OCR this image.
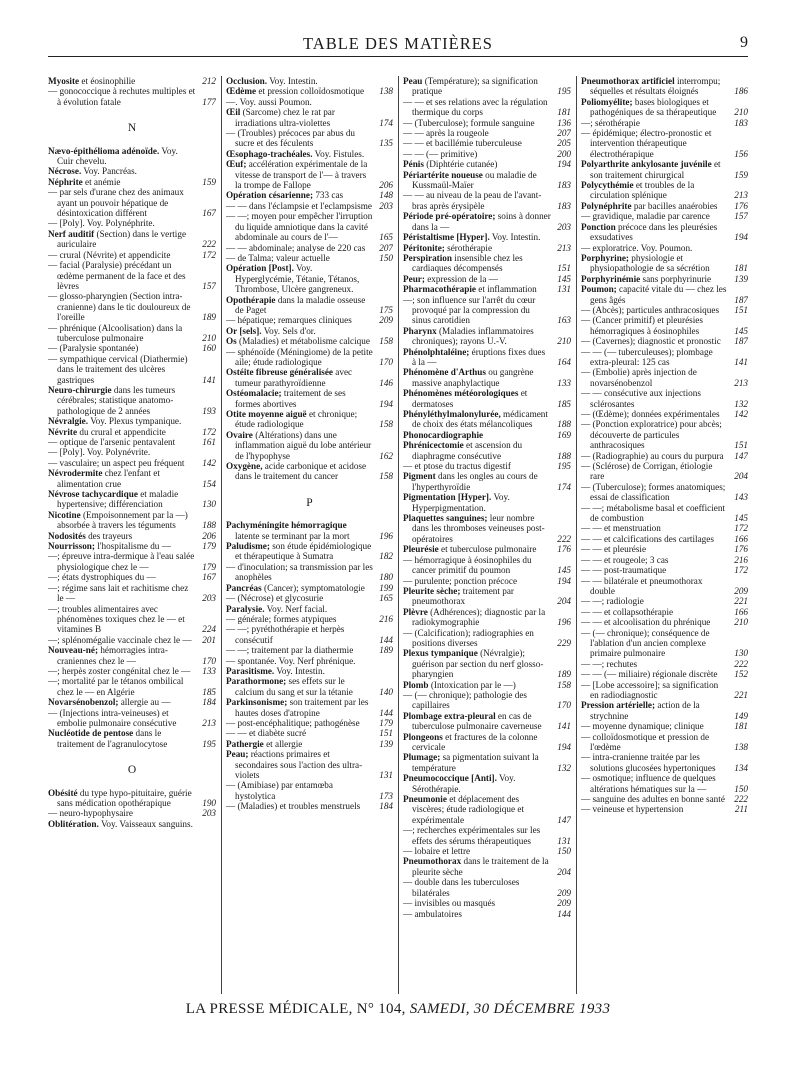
TABLE DES MATIÈRES	9
Myosite et éosinophilie	212
— gonococcique à rechutes multiples et à évolution fatale	177
N
Nævo-épithélioma adénoïde. Voy. Cuir chevelu.
Nécrose. Voy. Pancréas.
Néphrite et anémie	159
— par sels d'urane chez des animaux ayant un pouvoir hépatique de désintoxication différent	167
— [Poly]. Voy. Polynéphrite.
Nerf auditif (Section) dans le vertige auriculaire	222
— crural (Névrite) et appendicite	172
— facial (Paralysie) précédant un œdème permanent de la face et des lèvres	157
— glosso-pharyngien (Section intra-cranienne) dans le tic douloureux de l'oreille	189
— phrénique (Alcoolisation) dans la tuberculose pulmonaire	210
— (Paralysie spontanée)	160
— sympathique cervical (Diathermie) dans le traitement des ulcères gastriques	141
Neuro-chirurgie dans les tumeurs cérébrales; statistique anatomo-pathologique de 2 années	193
Névralgie. Voy. Plexus tympanique.
Névrite du crural et appendicite	172
— optique de l'arsenic pentavalent	161
— [Poly]. Voy. Polynévrite.
— vasculaire; un aspect peu fréquent 142
Névrodermite chez l'enfant et alimentation crue	154
Névrose tachycardique et maladie hypertensive; différenciation	130
Nicotine (Empoisonnement par la —) absorbée à travers les téguments	188
Nodosités des trayeurs	206
Nourrisson; l'hospitalisme du —	179
—; épreuve intra-dermique à l'eau salée physiologique chez le —	179
—; états dystrophiques du —	167
—; régime sans lait et rachitisme chez le —	203
—; troubles alimentaires avec phénomènes toxiques chez le — et vitamines B	224
—; splénomégalie vaccinale chez le — 201
Nouveau-né; hémorragies intra-craniennes chez le —	170
—; herpès zoster congénital chez le — 133
—; mortalité par le tétanos ombilical chez le — en Algérie	185
Novarsénobenzol; allergie au —	184
— (Injections intra-veineuses) et embolie pulmonaire consécutive	213
Nucléotide de pentose dans le traitement de l'agranulocytose	195
O
Obésité du type hypo-pituitaire, guérie sans médication opothérapique	190
— neuro-hypophysaire	203
Oblitération. Voy. Vaisseaux sanguins.
Occlusion. Voy. Intestin.
Œdème et pression colloïdosmotique 138
—. Voy. aussi Poumon.
Œil (Sarcome) chez le rat par irradiations ultra-violettes	174
— (Troubles) précoces par abus du sucre et des féculents	135
Œsophago-trachéales. Voy. Fistules.
Œuf; accélération expérimentale de la vitesse de transport de l'— à travers la trompe de Fallope	206
Opération césarienne; 733 cas	148
— — dans l'éclampsie et l'eclampsisme 203
— —; moyen pour empêcher l'irruption du liquide amniotique dans la cavité abdominale au cours de l'—	165
— — abdominale; analyse de 220 cas 207
— de Talma; valeur actuelle	150
Opération [Post]. Voy. Hyperglycémie, Tétanie, Tétanos, Thrombose, Ulcère gangreneux.
Opothérapie dans la maladie osseuse de Paget	175
— hépatique; remarques cliniques	209
Or [sels]. Voy. Sels d'or.
Os (Maladies) et métabolisme calcique 158
— sphénoïde (Méningiome) de la petite aile; étude radiologique	170
Ostéite fibreuse généralisée avec tumeur parathyroïdienne	146
Ostéomalacie; traitement de ses formes abortives	194
Otite moyenne aiguë et chronique; étude radiologique	158
Ovaire (Altérations) dans une inflammation aiguë du lobe antérieur de l'hypophyse	162
Oxygène, acide carbonique et acidose dans le traitement du cancer	158
P
Pachyméningite hémorragique latente se terminant par la mort	196
Paludisme; son étude épidémiologique et thérapeutique à Sumatra	182
— d'inoculation; sa transmission par les anophèles	180
Pancréas (Cancer); symptomatologie 199
— (Nécrose) et glycosurie	165
Paralysie. Voy. Nerf facial.
— générale; formes atypiques	216
— —; pyréthothérapie et herpès consécutif	144
— —; traitement par la diathermie	189
— spontanée. Voy. Nerf phrénique.
Parasitisme. Voy. Intestin.
Parathormone; ses effets sur le calcium du sang et sur la tétanie	140
Parkinsonisme; son traitement par les hautes doses d'atropine	144
— post-encéphalitique; pathogénèse 179
— — et diabète sucré	151
Pathergie et allergie	139
Peau; réactions primaires et secondaires sous l'action des ultra-violets	131
— (Amibiase) par entamœba hystolytica	173
— (Maladies) et troubles menstruels 184
Peau (Température); sa signification pratique	195
— — et ses relations avec la régulation thermique du corps	181
— (Tuberculose); formule sanguine 136
— — après la rougeole	207
— — et bacillémie tuberculeuse	205
— — (— primitive)	200
Pénis (Diphtérie cutanée)	194
Périartérite noueuse ou maladie de Kussmaül-Maïer	183
— — au niveau de la peau de l'avant-bras après érysipèle	183
Période pré-opératoire; soins à donner dans la —	203
Péristaltisme [Hyper]. Voy. Intestin.
Péritonite; sérothérapie	213
Perspiration insensible chez les cardiaques décompensés	151
Peur; expression de la —	145
Pharmacothérapie et inflammation 131
—; son influence sur l'arrêt du cœur provoqué par la compression du sinus carotidien	163
Pharynx (Maladies inflammatoires chroniques); rayons U.-V.	210
Phénolphtaléine; éruptions fixes dues à la —	164
Phénomène d'Arthus ou gangrène massive anaphylactique	133
Phénomènes météorologiques et dermatoses	185
Phényléthylmalonylurée, médicament de choix des états mélancoliques	188
Phonocardiographie	169
Phrénicectomie et ascension du diaphragme consécutive	188
— et ptose du tractus digestif	195
Pigment dans les ongles au cours de l'hyperthyroïdie	174
Pigmentation [Hyper]. Voy. Hyperpigmentation.
Plaquettes sanguines; leur nombre dans les thromboses veineuses post-opératoires	222
Pleurésie et tuberculose pulmonaire 176
— hémorragique à éosinophiles du cancer primitif du poumon	145
— purulente; ponction précoce	194
Pleurite sèche; traitement par pneumothorax	204
Plèvre (Adhérences); diagnostic par la radiokymographie	196
— (Calcification); radiographies en positions diverses	229
Plexus tympanique (Névralgie); guérison par section du nerf glosso-pharyngien	189
Plomb (Intoxication par le —)	158
— (— chronique); pathologie des capillaires	170
Plombage extra-pleural en cas de tuberculose pulmonaire caverneuse 141
Plongeons et fractures de la colonne cervicale	194
Plumage; sa pigmentation suivant la température	132
Pneumococcique [Anti]. Voy. Sérothérapie.
Pneumonie et déplacement des viscères; étude radiologique et expérimentale	147
—; recherches expérimentales sur les effets des sérums thérapeutiques	131
— lobaire et lettre	150
Pneumothorax dans le traitement de la pleurite sèche	204
— double dans les tuberculoses bilatérales	209
— invisibles ou masqués	209
— ambulatoires	144
Pneumothorax artificiel interrompu; séquelles et résultats éloignés	186
Poliomyélite; bases biologiques et pathogéniques de sa thérapeutique 210
—; sérothérapie	183
— épidémique; électro-pronostic et intervention thérapeutique électrothérapique	156
Polyarthrite ankylosante juvénile et son traitement chirurgical	159
Polycythémie et troubles de la circulation splénique	213
Polynéphrite par bacilles anaérobies 176
— gravidique, maladie par carence	157
Ponction précoce dans les pleurésies exsudatives	194
— exploratrice. Voy. Poumon.
Porphyrine; physiologie et physiopathologie de sa sécrétion	181
Porphyrinémie sans porphyrinurie	139
Poumon; capacité vitale du — chez les gens âgés	187
— (Abcès); particules anthracosiques 151
— (Cancer primitif) et pleurésies hémorragiques à éosinophiles	145
— (Cavernes); diagnostic et pronostic 187
— — (— tuberculeuses); plombage extra-pleural: 125 cas	141
— (Embolie) après injection de novarsénobenzol	213
— — consécutive aux injections sclérosantes	132
— (Œdème); données expérimentales 142
— (Ponction exploratrice) pour abcès; découverte de particules anthracosiques	151
— (Radiographie) au cours du purpura 147
— (Sclérose) de Corrigan, étiologie rare	204
— (Tuberculose); formes anatomiques; essai de classification	143
— —; métabolisme basal et coefficient de combustion	145
— — et menstruation	172
— — et calcifications des cartilages 166
— — et pleurésie	176
— — et rougeole; 3 cas	216
— — post-traumatique	172
— — bilatérale et pneumothorax double	209
— —; radiologie	221
— — et collapsothérapie	166
— — et alcoolisation du phrénique	210
— (— chronique); conséquence de l'ablation d'un ancien complexe primaire pulmonaire	130
— —; rechutes	222
— — (— miliaire) régionale discrète 152
— [Lobe accessoire]; sa signification en radiodiagnostic	221
Pression artérielle; action de la strychnine	149
— moyenne dynamique; clinique	181
— colloïdosmotique et pression de l'œdème	138
— intra-cranienne traitée par les solutions glucosées hypertoniques 134
— osmotique; influence de quelques altérations hématiques sur la —	150
— sanguine des adultes en bonne santé 222
— veineuse et hypertension	211
LA PRESSE MÉDICALE, N° 104, SAMEDI, 30 DÉCEMBRE 1933
